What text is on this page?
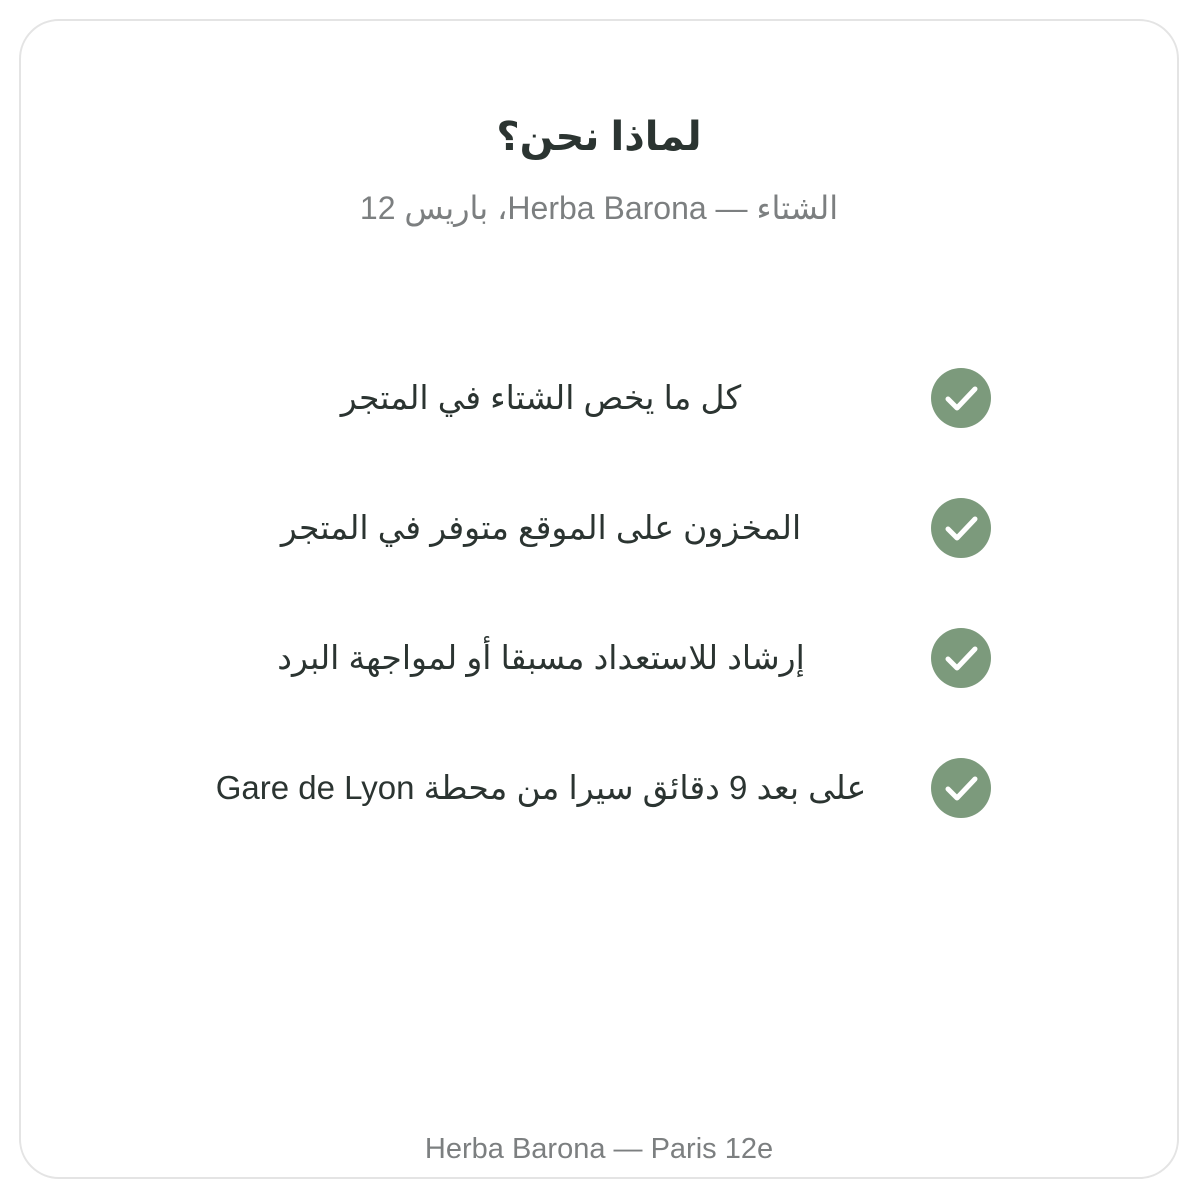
لماذا نحن؟

الشتاء — Herba Barona، باريس 12

كل ما يخص الشتاء في المتجر
المخزون على الموقع متوفر في المتجر
إرشاد للاستعداد مسبقا أو لمواجهة البرد
على بعد 9 دقائق سيرا من محطة Gare de Lyon

Herba Barona — Paris 12e
